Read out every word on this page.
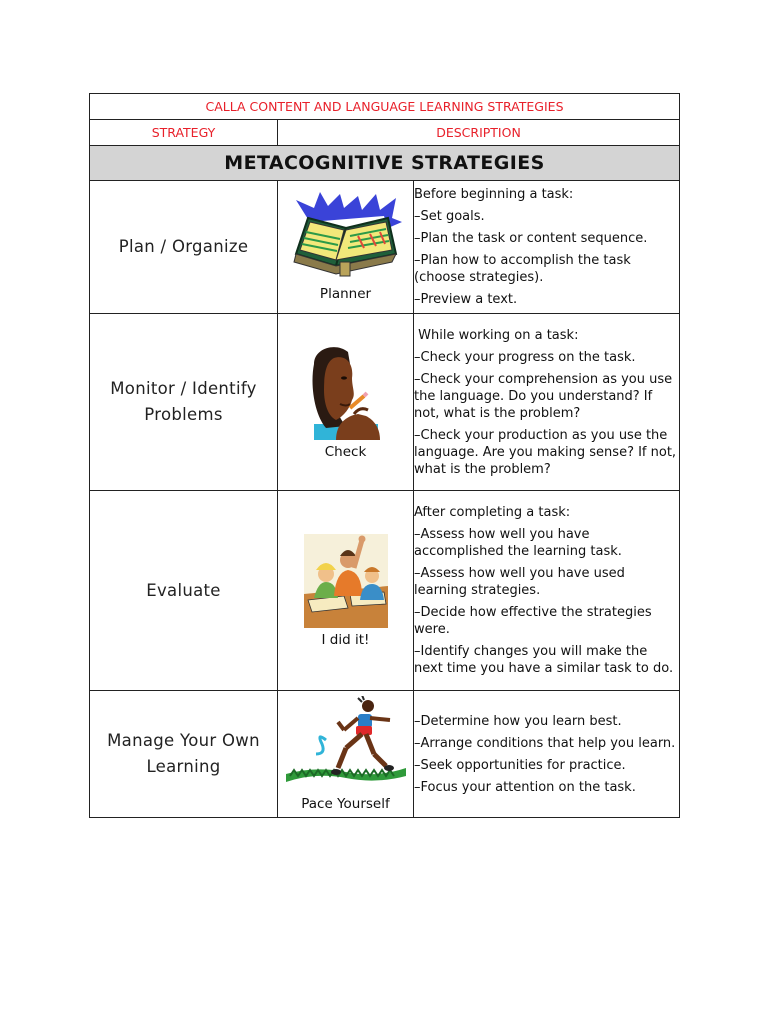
CALLA CONTENT AND LANGUAGE LEARNING STRATEGIES		
STRATEGY	DESCRIPTION	
METACOGNITIVE STRATEGIES		
Plan / Organize	Planner	Before beginning a task:

–Set goals.

–Plan the task or content sequence.

–Plan how to accomplish the task (choose strategies).

–Preview a text.

Monitor / Identify Problems	Check	While working on a task:

–Check your progress on the task.

–Check your comprehension as you use the language. Do you understand? If not, what is the problem?

–Check your production as you use the language. Are you making sense? If not, what is the problem?

Evaluate	I did it!	After completing a task:

–Assess how well you have accomplished the learning task.

–Assess how well you have used learning strategies.

–Decide how effective the strategies were.

–Identify changes you will make the next time you have a similar task to do.

Manage Your Own Learning	Pace Yourself	–Determine how you learn best.

–Arrange conditions that help you learn.

–Seek opportunities for practice.

–Focus your attention on the task.
